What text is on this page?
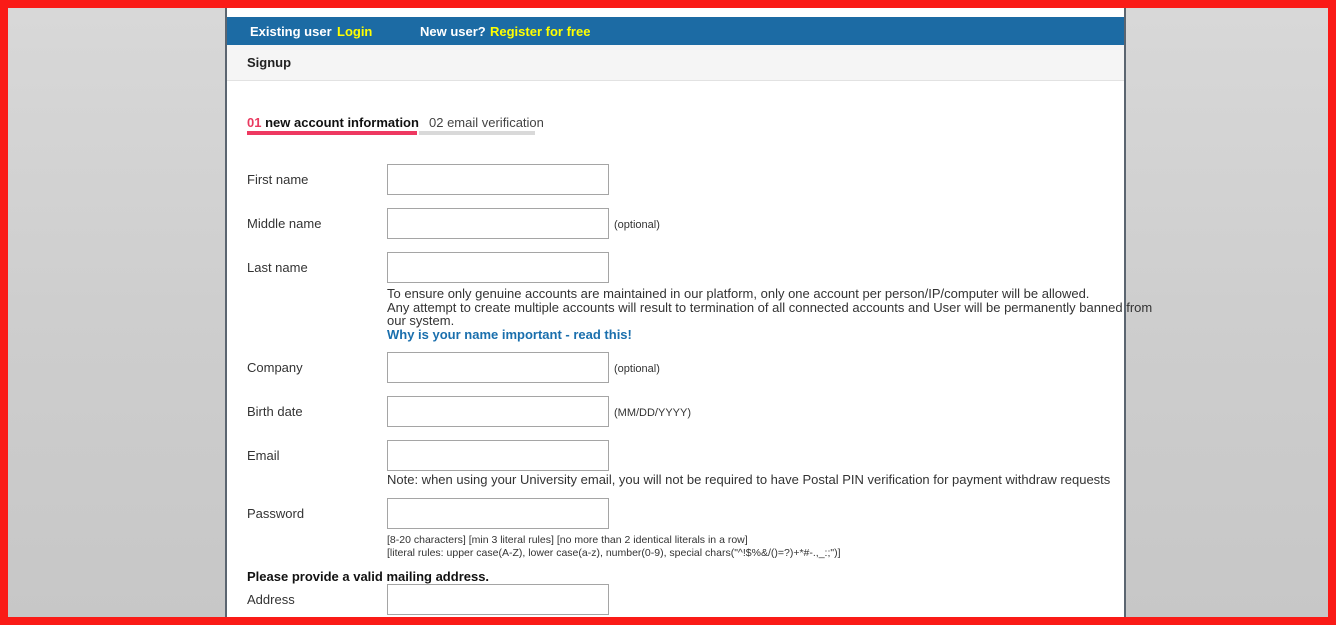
Existing user Login	New user? Register for free
Signup
01 new account information 02 email verification
First name
Middle name	(optional)
Last name
To ensure only genuine accounts are maintained in our platform, only one account per person/IP/computer will be allowed.
Any attempt to create multiple accounts will result to termination of all connected accounts and User will be permanently banned from
our system.
Why is your name important - read this!
Company	(optional)
Birth date	(MM/DD/YYYY)
Email
Note: when using your University email, you will not be required to have Postal PIN verification for payment withdraw requests
Password
[8-20 characters] [min 3 literal rules] [no more than 2 identical literals in a row]
[literal rules: upper case(A-Z), lower case(a-z), number(0-9), special chars("^!$%&/()=?)+*#-.,_:;")]
Please provide a valid mailing address.
Address
